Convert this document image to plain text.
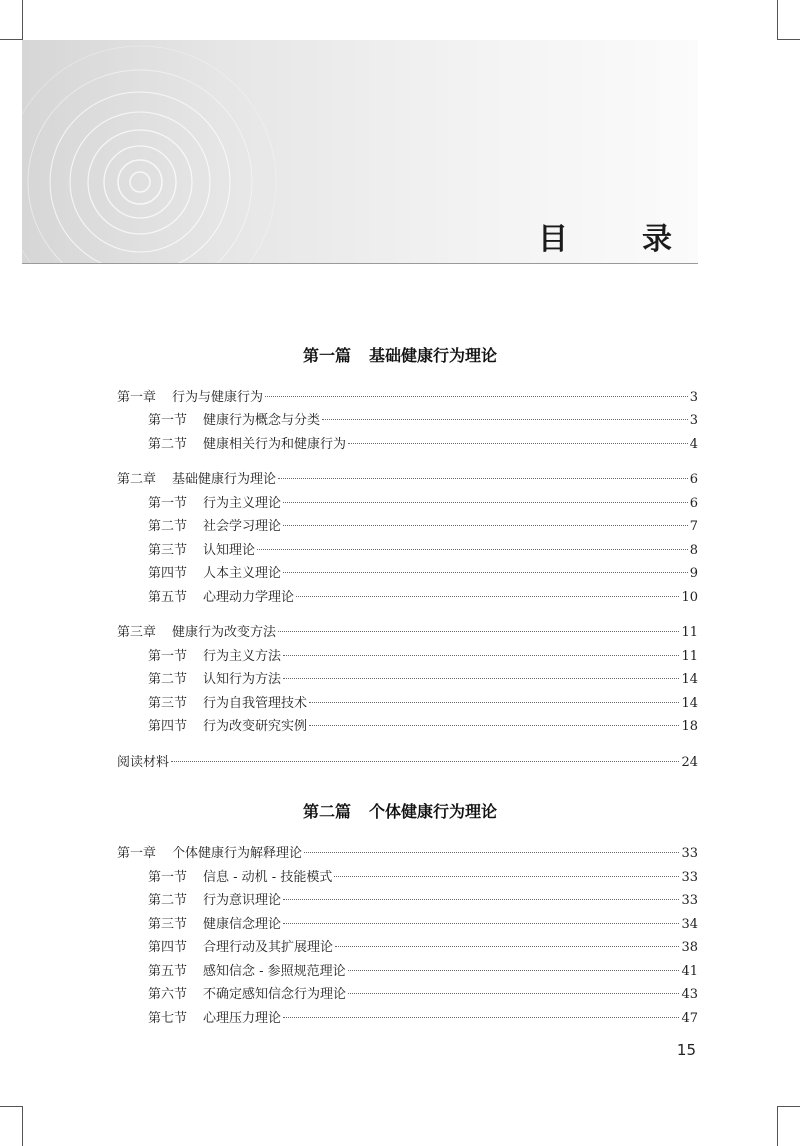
目　录
第一篇 基础健康行为理论
第二篇 个体健康行为理论
第一章 行为与健康行为	3
第一节 健康行为概念与分类	3
第二节 健康相关行为和健康行为	4
第二章 基础健康行为理论	6
第一节 行为主义理论	6
第二节 社会学习理论	7
第三节 认知理论	8
第四节 人本主义理论	9
第五节 心理动力学理论	10
第三章 健康行为改变方法	11
第一节 行为主义方法	11
第二节 认知行为方法	14
第三节 行为自我管理技术	14
第四节 行为改变研究实例	18
阅读材料	24
第一章 个体健康行为解释理论	33
第一节 信息 - 动机 - 技能模式	33
第二节 行为意识理论	33
第三节 健康信念理论	34
第四节 合理行动及其扩展理论	38
第五节 感知信念 - 参照规范理论	41
第六节 不确定感知信念行为理论	43
第七节 心理压力理论	47
15
